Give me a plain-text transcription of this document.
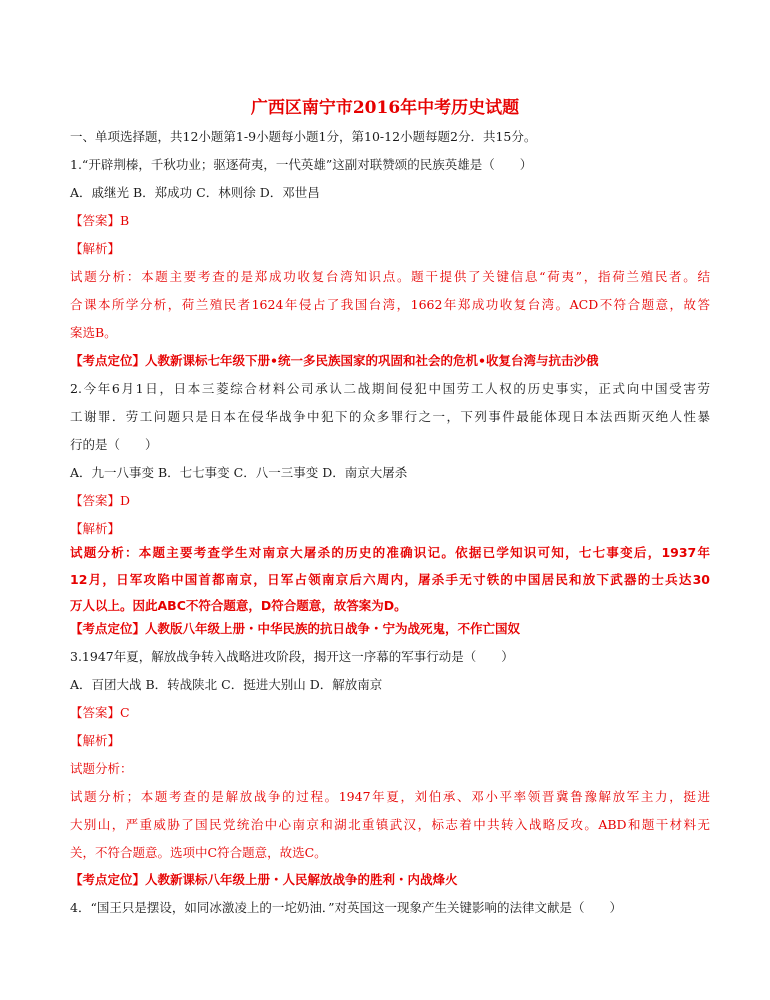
广西区南宁市2016年中考历史试题
一、单项选择题，共12小题第1-9小题每小题1分，第10-12小题每题2分．共15分。
1.“开辟荆榛，千秋功业；驱逐荷夷，一代英雄”这副对联赞颂的民族英雄是（　　）
A．戚继光 B．郑成功 C．林则徐 D．邓世昌
【答案】B
【解析】
试题分析：本题主要考查的是郑成功收复台湾知识点。题干提供了关键信息“荷夷”，指荷兰殖民者。结
合课本所学分析，荷兰殖民者1624年侵占了我国台湾，1662年郑成功收复台湾。ACD不符合题意，故答
案选B。
【考点定位】人教新课标七年级下册•统一多民族国家的巩固和社会的危机•收复台湾与抗击沙俄
2.今年6月1日，日本三菱综合材料公司承认二战期间侵犯中国劳工人权的历史事实，正式向中国受害劳
工谢罪．劳工问题只是日本在侵华战争中犯下的众多罪行之一，下列事件最能体现日本法西斯灭绝人性暴
行的是（　　）
A．九一八事变 B．七七事变 C．八一三事变 D．南京大屠杀
【答案】D
【解析】
试题分析：本题主要考查学生对南京大屠杀的历史的准确识记。依据已学知识可知，七七事变后，1937年
12月，日军攻陷中国首都南京，日军占领南京后六周内，屠杀手无寸铁的中国居民和放下武器的士兵达30
万人以上。因此ABC不符合题意，D符合题意，故答案为D。
【考点定位】人教版八年级上册・中华民族的抗日战争・宁为战死鬼，不作亡国奴
3.1947年夏，解放战争转入战略进攻阶段，揭开这一序幕的军事行动是（　　）
A．百团大战 B．转战陕北 C．挺进大别山 D．解放南京
【答案】C
【解析】
试题分析：
试题分析；本题考查的是解放战争的过程。1947年夏，刘伯承、邓小平率领晋冀鲁豫解放军主力，挺进
大别山，严重威胁了国民党统治中心南京和湖北重镇武汉，标志着中共转入战略反攻。ABD和题干材料无
关，不符合题意。选项中C符合题意，故选C。
【考点定位】人教新课标八年级上册・人民解放战争的胜利・内战烽火
4．“国王只是摆设，如同冰激凌上的一坨奶油．”对英国这一现象产生关键影响的法律文献是（　　）
